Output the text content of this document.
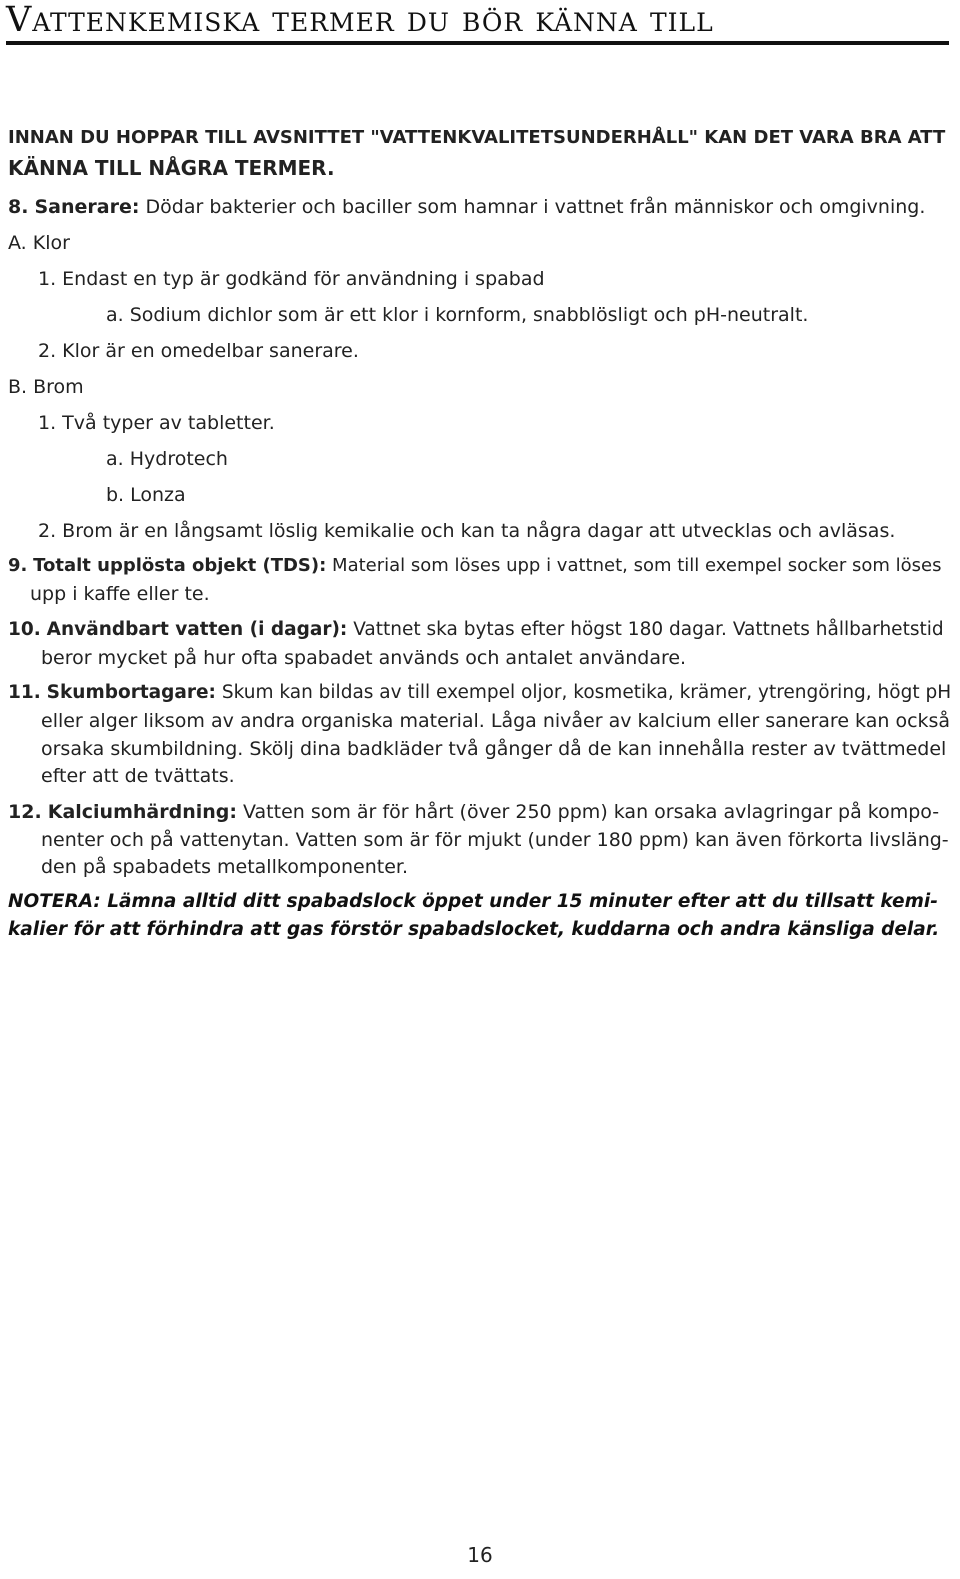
Vattenkemiska termer du bör känna till
INNAN DU HOPPAR TILL AVSNITTET "VATTENKVALITETSUNDERHÅLL" KAN DET VARA BRA ATT
KÄNNA TILL NÅGRA TERMER.
8. Sanerare: Dödar bakterier och baciller som hamnar i vattnet från människor och omgivning.
A. Klor
1. Endast en typ är godkänd för användning i spabad
a. Sodium dichlor som är ett klor i kornform, snabblösligt och pH-neutralt.
2. Klor är en omedelbar sanerare.
B. Brom
1. Två typer av tabletter.
a. Hydrotech
b. Lonza
2. Brom är en långsamt löslig kemikalie och kan ta några dagar att utvecklas och avläsas.
9. Totalt upplösta objekt (TDS): Material som löses upp i vattnet, som till exempel socker som löses
upp i kaffe eller te.
10. Användbart vatten (i dagar): Vattnet ska bytas efter högst 180 dagar. Vattnets hållbarhetstid
beror mycket på hur ofta spabadet används och antalet användare.
11. Skumbortagare: Skum kan bildas av till exempel oljor, kosmetika, krämer, ytrengöring, högt pH
eller alger liksom av andra organiska material. Låga nivåer av kalcium eller sanerare kan också
orsaka skumbildning. Skölj dina badkläder två gånger då de kan innehålla rester av tvättmedel
efter att de tvättats.
12. Kalciumhärdning: Vatten som är för hårt (över 250 ppm) kan orsaka avlagringar på kompo-
nenter och på vattenytan. Vatten som är för mjukt (under 180 ppm) kan även förkorta livsläng-
den på spabadets metallkomponenter.
NOTERA: Lämna alltid ditt spabadslock öppet under 15 minuter efter att du tillsatt kemi-
kalier för att förhindra att gas förstör spabadslocket, kuddarna och andra känsliga delar.
16
